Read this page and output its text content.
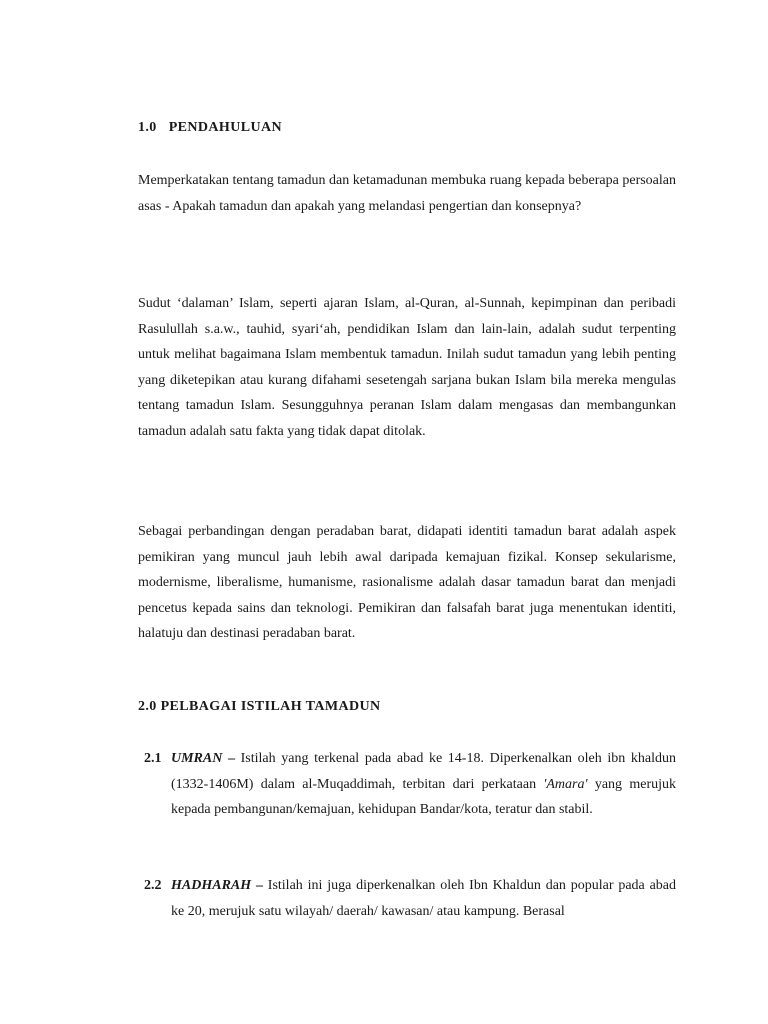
1.0 PENDAHULUAN

Memperkatakan tentang tamadun dan ketamadunan membuka ruang kepada beberapa persoalan asas - Apakah tamadun dan apakah yang melandasi pengertian dan konsepnya?

Sudut ‘dalaman’ Islam, seperti ajaran Islam, al-Quran, al-Sunnah, kepimpinan dan peribadi Rasulullah s.a.w., tauhid, syari‘ah, pendidikan Islam dan lain-lain, adalah sudut terpenting untuk melihat bagaimana Islam membentuk tamadun. Inilah sudut tamadun yang lebih penting yang diketepikan atau kurang difahami sesetengah sarjana bukan Islam bila mereka mengulas tentang tamadun Islam. Sesungguhnya peranan Islam dalam mengasas dan membangunkan tamadun adalah satu fakta yang tidak dapat ditolak.

Sebagai perbandingan dengan peradaban barat, didapati identiti tamadun barat adalah aspek pemikiran yang muncul jauh lebih awal daripada kemajuan fizikal. Konsep sekularisme, modernisme, liberalisme, humanisme, rasionalisme adalah dasar tamadun barat dan menjadi pencetus kepada sains dan teknologi. Pemikiran dan falsafah barat juga menentukan identiti, halatuju dan destinasi peradaban barat.

2.0 PELBAGAI ISTILAH TAMADUN
2.1 UMRAN – Istilah yang terkenal pada abad ke 14-18. Diperkenalkan oleh ibn khaldun (1332-1406M) dalam al-Muqaddimah, terbitan dari perkataan 'Amara' yang merujuk kepada pembangunan/kemajuan, kehidupan Bandar/kota, teratur dan stabil.
2.2 HADHARAH – Istilah ini juga diperkenalkan oleh Ibn Khaldun dan popular pada abad ke 20, merujuk satu wilayah/ daerah/ kawasan/ atau kampung. Berasal
